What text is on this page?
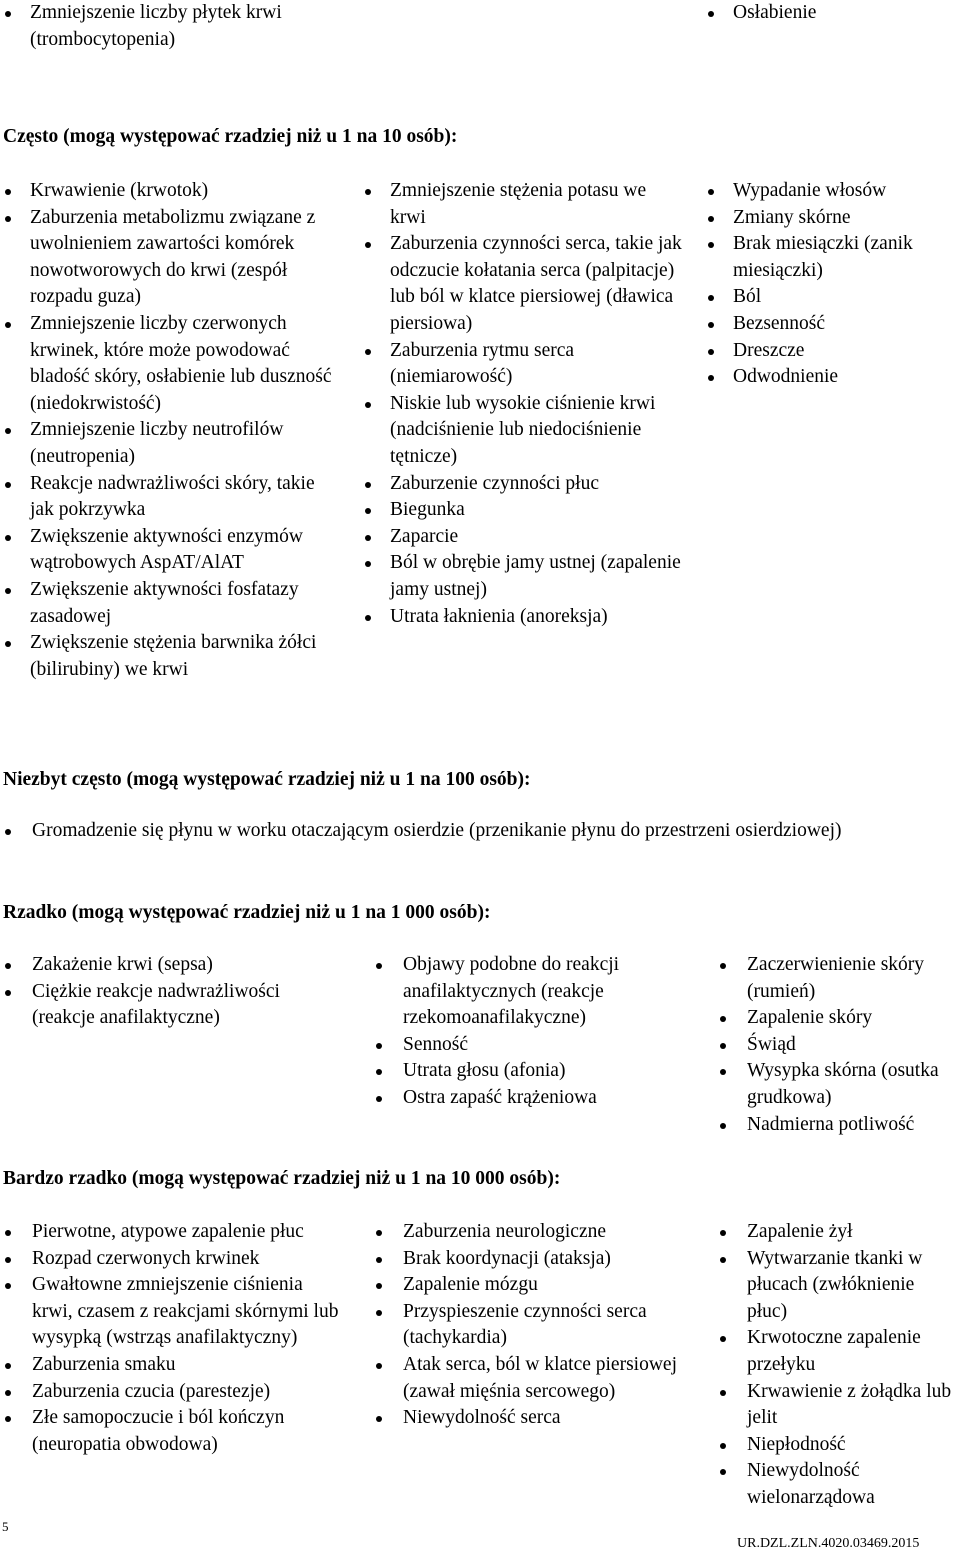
Zmniejszenie liczby płytek krwi (trombocytopenia)
Osłabienie
Często (mogą występować rzadziej niż u 1 na 10 osób):
Krwawienie (krwotok)
Zaburzenia metabolizmu związane z uwolnieniem zawartości komórek nowotworowych do krwi (zespół rozpadu guza)
Zmniejszenie liczby czerwonych krwinek, które może powodować bladość skóry, osłabienie lub duszność (niedokrwistość)
Zmniejszenie liczby neutrofilów (neutropenia)
Reakcje nadwrażliwości skóry, takie jak pokrzywka
Zwiększenie aktywności enzymów wątrobowych AspAT/AlAT
Zwiększenie aktywności fosfatazy zasadowej
Zwiększenie stężenia barwnika żółci (bilirubiny) we krwi
Zmniejszenie stężenia potasu we krwi
Zaburzenia czynności serca, takie jak odczucie kołatania serca (palpitacje) lub ból w klatce piersiowej (dławica piersiowa)
Zaburzenia rytmu serca (niemiarowość)
Niskie lub wysokie ciśnienie krwi (nadciśnienie lub niedociśnienie tętnicze)
Zaburzenie czynności płuc
Biegunka
Zaparcie
Ból w obrębie jamy ustnej (zapalenie jamy ustnej)
Utrata łaknienia (anoreksja)
Wypadanie włosów
Zmiany skórne
Brak miesiączki (zanik miesiączki)
Ból
Bezsenność
Dreszcze
Odwodnienie
Niezbyt często (mogą występować rzadziej niż u 1 na 100 osób):
Gromadzenie się płynu w worku otaczającym osierdzie (przenikanie płynu do przestrzeni osierdziowej)
Rzadko (mogą występować rzadziej niż u 1 na 1 000 osób):
Zakażenie krwi (sepsa)
Ciężkie reakcje nadwrażliwości (reakcje anafilaktyczne)
Objawy podobne do reakcji anafilaktycznych (reakcje rzekomoanafilakyczne)
Senność
Utrata głosu (afonia)
Ostra zapaść krążeniowa
Zaczerwienienie skóry (rumień)
Zapalenie skóry
Świąd
Wysypka skórna (osutka grudkowa)
Nadmierna potliwość
Bardzo rzadko (mogą występować rzadziej niż u 1 na 10 000 osób):
Pierwotne, atypowe zapalenie płuc
Rozpad czerwonych krwinek
Gwałtowne zmniejszenie ciśnienia krwi, czasem z reakcjami skórnymi lub wysypką (wstrząs anafilaktyczny)
Zaburzenia smaku
Zaburzenia czucia (parestezje)
Złe samopoczucie i ból kończyn (neuropatia obwodowa)
Zaburzenia neurologiczne
Brak koordynacji (ataksja)
Zapalenie mózgu
Przyspieszenie czynności serca (tachykardia)
Atak serca, ból w klatce piersiowej (zawał mięśnia sercowego)
Niewydolność serca
Zapalenie żył
Wytwarzanie tkanki w płucach (zwłóknienie płuc)
Krwotoczne zapalenie przełyku
Krwawienie z żołądka lub jelit
Niepłodność
Niewydolność wielonarządowa
5
UR.DZL.ZLN.4020.03469.2015
